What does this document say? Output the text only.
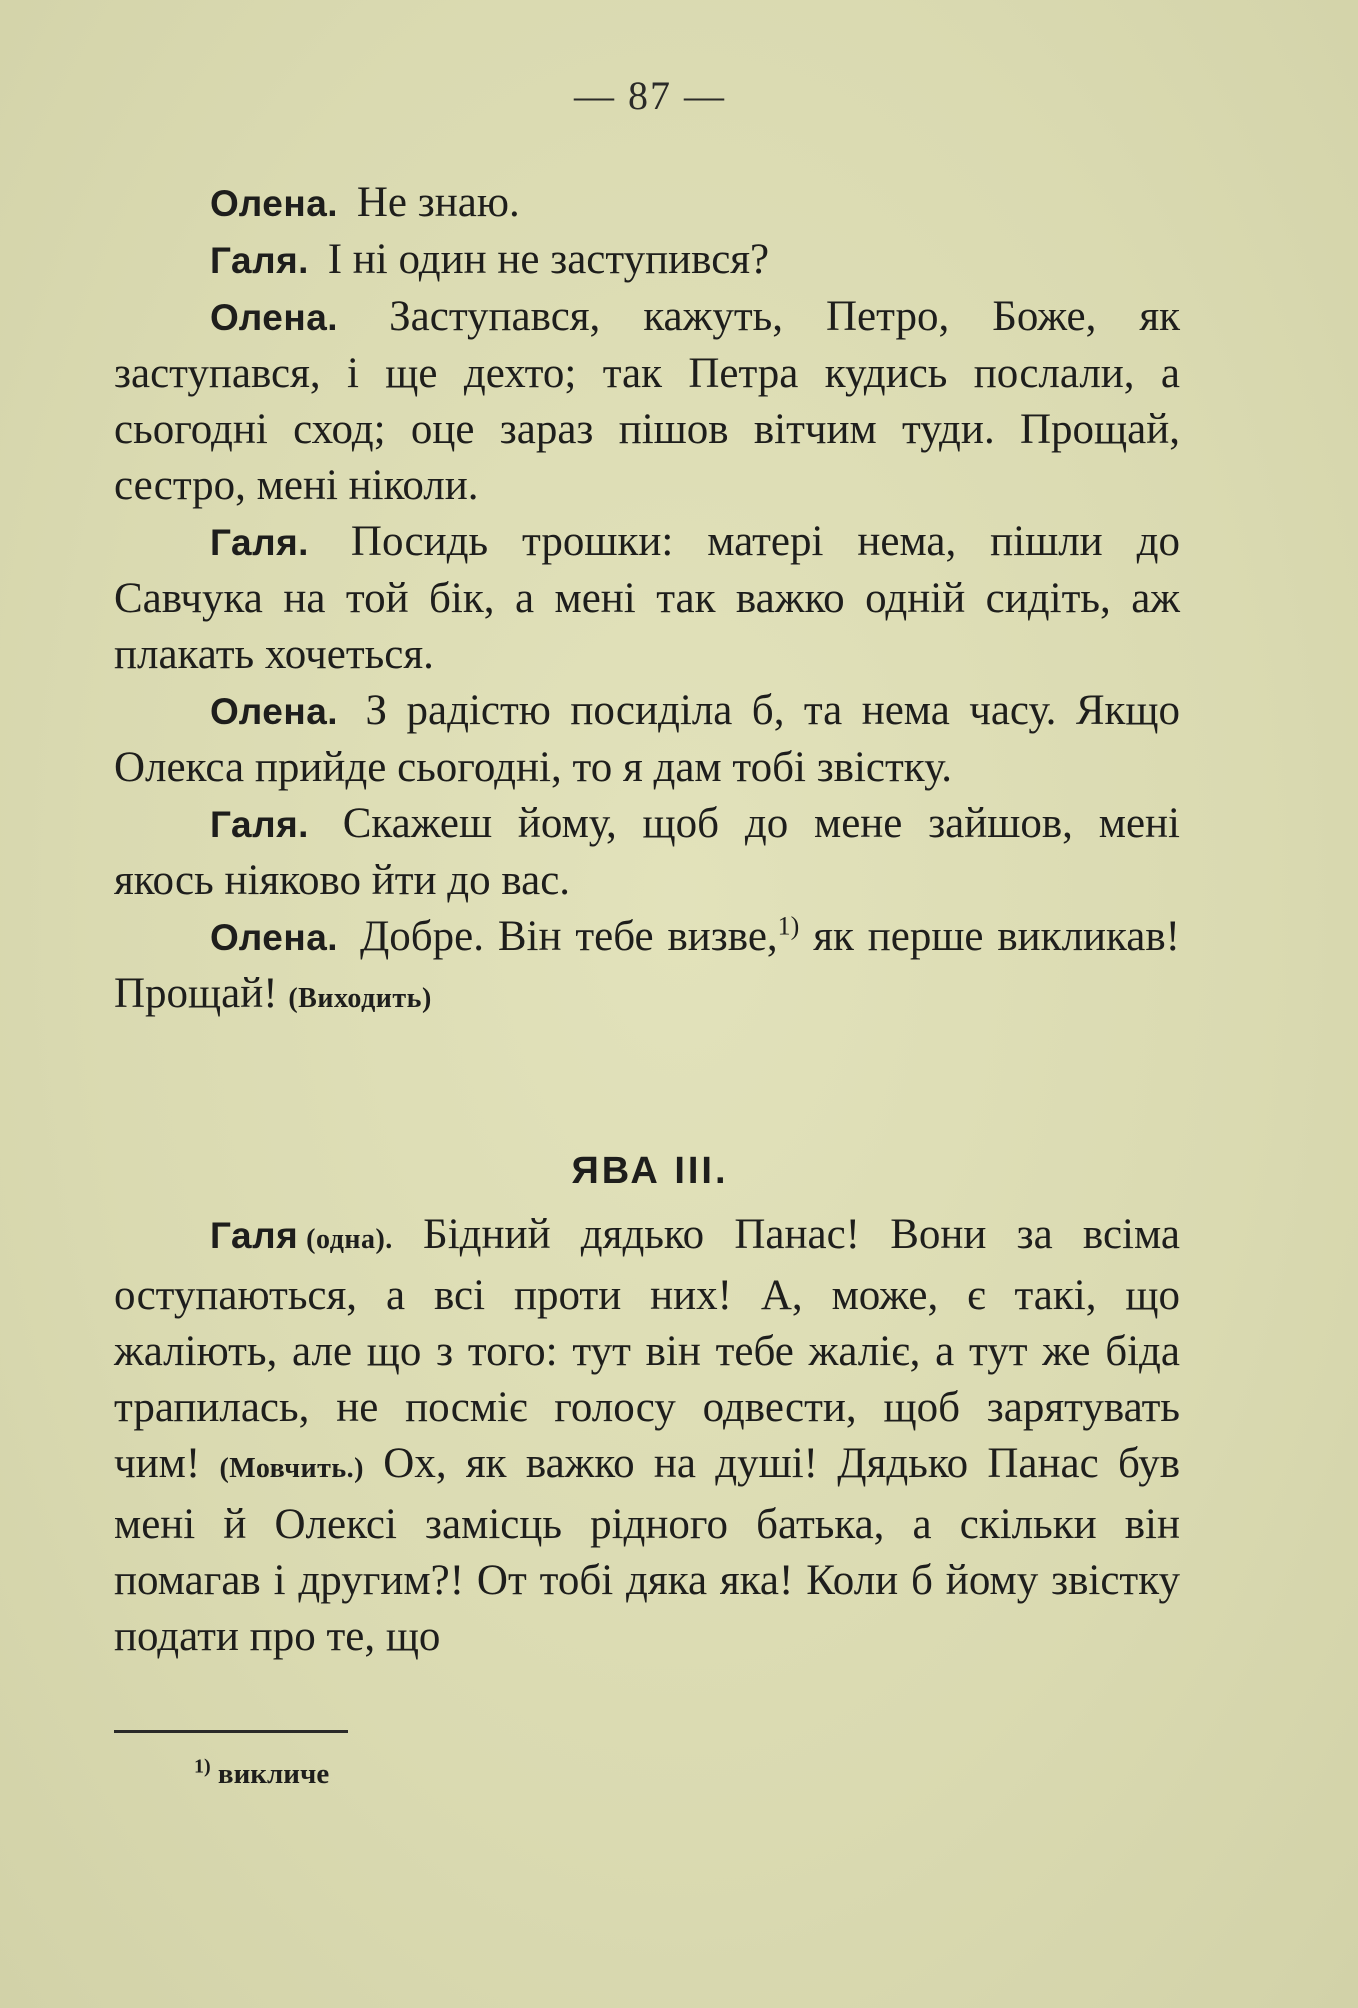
— 87 —

Олена. Не знаю.

Галя. І ні один не заступився?

Олена. Заступався, кажуть, Петро, Боже, як заступався, і ще дехто; так Петра кудись послали, а сьогодні сход; оце зараз пішов вітчим туди. Прощай, сестро, мені ніколи.

Галя. Посидь трошки: матері нема, пішли до Савчука на той бік, а мені так важко одній сидіть, аж плакать хочеться.

Олена. З радістю посиділа б, та нема часу. Якщо Олекса прийде сьогодні, то я дам тобі звістку.

Галя. Скажеш йому, щоб до мене зайшов, мені якось ніяково йти до вас.

Олена. Добре. Він тебе визве,$^{1)}$ як перше викликав! Прощай! (Виходить)

ЯВА III.

Галя (одна). Бідний дядько Панас! Вони за всіма оступаються, а всі проти них! А, може, є такі, що жаліють, але що з того: тут він тебе жаліє, а тут же біда трапилась, не посміє голосу одвести, щоб зарятувать чим! (Мовчить.) Ох, як важко на душі! Дядько Панас був мені й Олексі замісць рідного батька, а скільки він помагав і другим?! От тобі дяка яка! Коли б йому звістку подати про те, що

$^{1)}$ викличе
